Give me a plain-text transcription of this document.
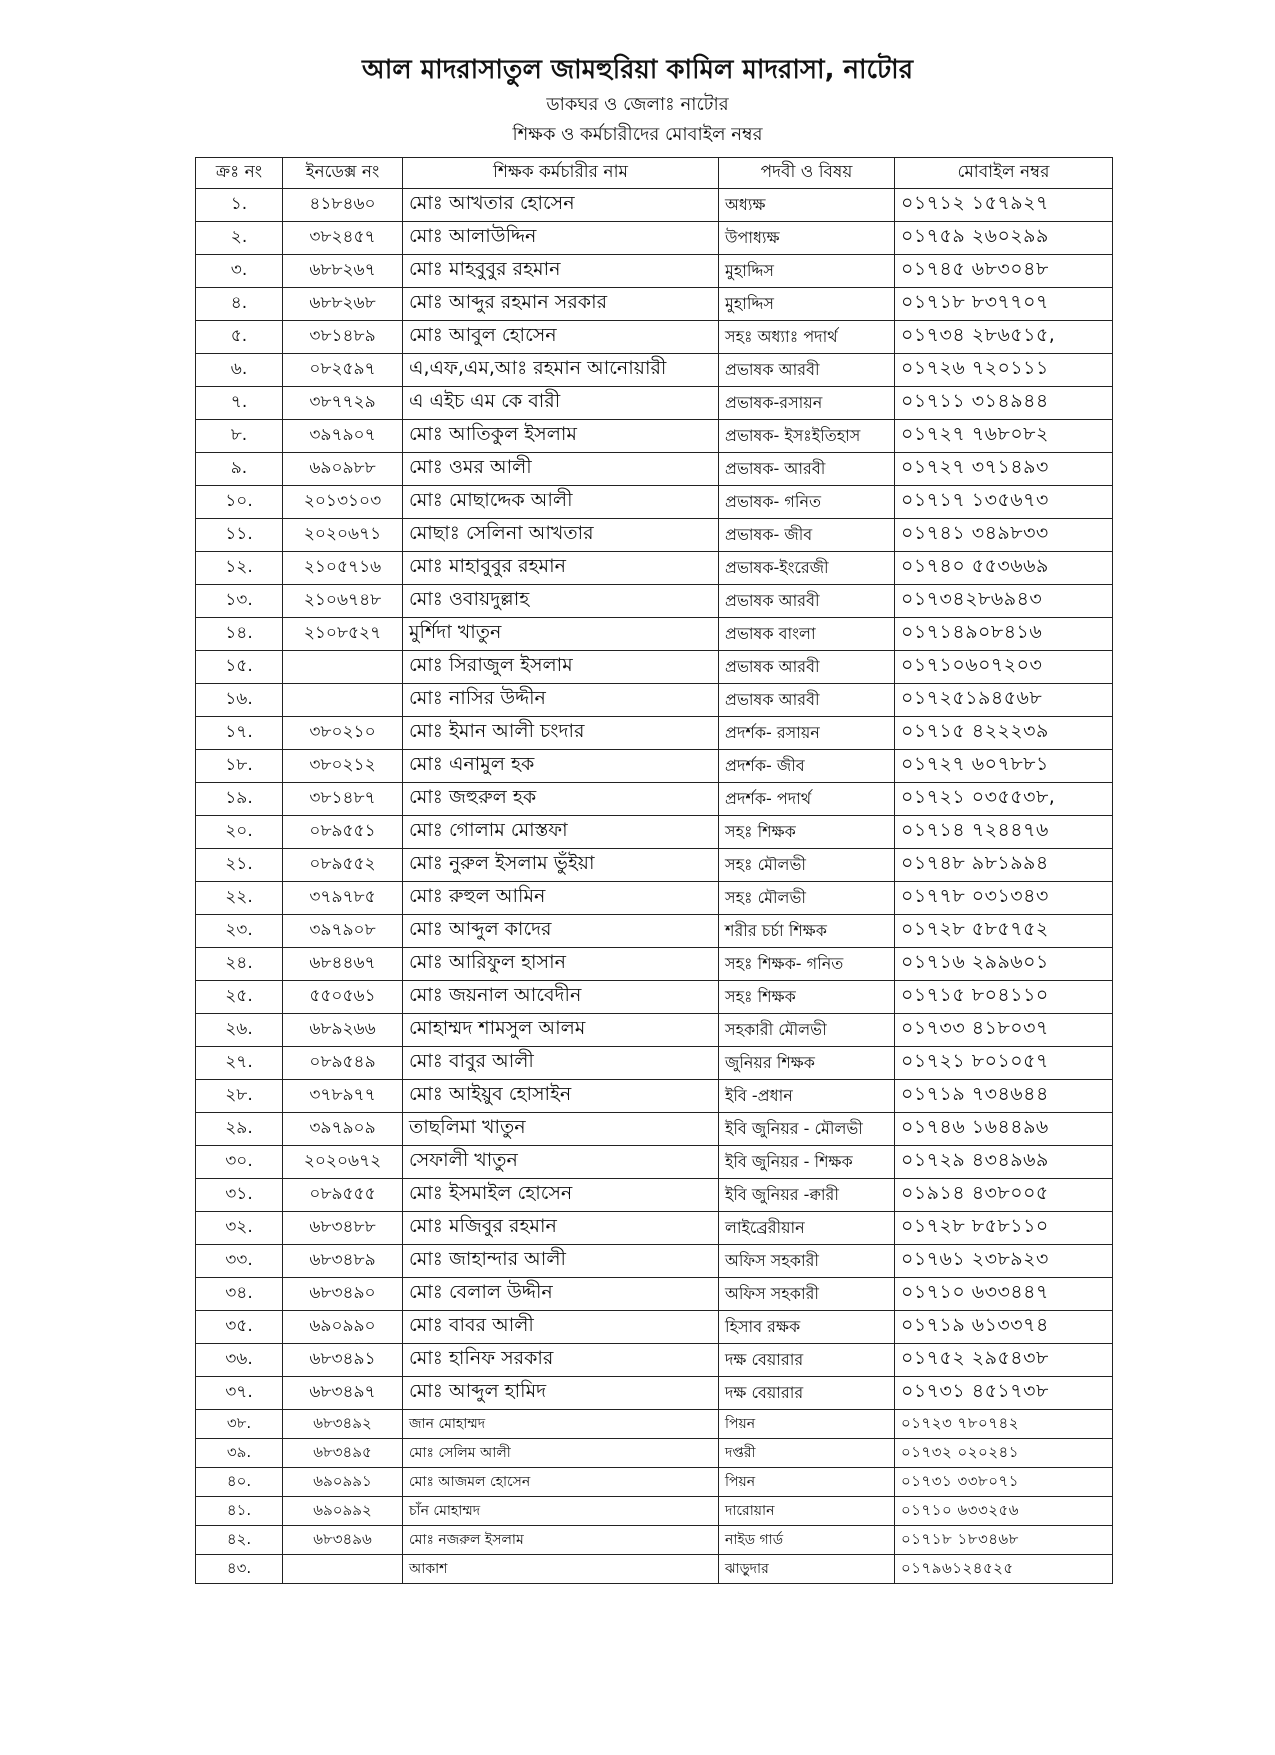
আল মাদরাসাতুল জামহুরিয়া কামিল মাদরাসা, নাটোর
ডাকঘর ও জেলাঃ নাটোর
শিক্ষক ও কর্মচারীদের মোবাইল নম্বর
ক্রঃ নং	ইনডেক্স নং	শিক্ষক কর্মচারীর নাম	পদবী ও বিষয়	মোবাইল নম্বর
১.	৪১৮৪৬০	মোঃ আখতার হোসেন	অধ্যক্ষ	০১৭১২ ১৫৭৯২৭
২.	৩৮২৪৫৭	মোঃ আলাউদ্দিন	উপাধ্যক্ষ	০১৭৫৯ ২৬০২৯৯
৩.	৬৮৮২৬৭	মোঃ মাহবুবুর রহমান	মুহাদ্দিস	০১৭৪৫ ৬৮৩০৪৮
৪.	৬৮৮২৬৮	মোঃ আব্দুর রহমান সরকার	মুহাদ্দিস	০১৭১৮ ৮৩৭৭০৭
৫.	৩৮১৪৮৯	মোঃ আবুল হোসেন	সহঃ অধ্যাঃ পদার্থ	০১৭৩৪ ২৮৬৫১৫,
৬.	০৮২৫৯৭	এ,এফ,এম,আঃ রহমান আনোয়ারী	প্রভাষক আরবী	০১৭২৬ ৭২০১১১
৭.	৩৮৭৭২৯	এ এইচ এম কে বারী	প্রভাষক-রসায়ন	০১৭১১ ৩১৪৯৪৪
৮.	৩৯৭৯০৭	মোঃ আতিকুল ইসলাম	প্রভাষক- ইসঃইতিহাস	০১৭২৭ ৭৬৮০৮২
৯.	৬৯০৯৮৮	মোঃ ওমর আলী	প্রভাষক- আরবী	০১৭২৭ ৩৭১৪৯৩
১০.	২০১৩১০৩	মোঃ মোছাদ্দেক আলী	প্রভাষক- গনিত	০১৭১৭ ১৩৫৬৭৩
১১.	২০২০৬৭১	মোছাঃ সেলিনা আখতার	প্রভাষক- জীব	০১৭৪১ ৩৪৯৮৩৩
১২.	২১০৫৭১৬	মোঃ মাহাবুবুর রহমান	প্রভাষক-ইংরেজী	০১৭৪০ ৫৫৩৬৬৯
১৩.	২১০৬৭৪৮	মোঃ ওবায়দুল্লাহ	প্রভাষক আরবী	০১৭৩৪২৮৬৯৪৩
১৪.	২১০৮৫২৭	মুর্শিদা খাতুন	প্রভাষক বাংলা	০১৭১৪৯০৮৪১৬
১৫.		মোঃ সিরাজুল ইসলাম	প্রভাষক আরবী	০১৭১০৬০৭২০৩
১৬.		মোঃ নাসির উদ্দীন	প্রভাষক আরবী	০১৭২৫১৯৪৫৬৮
১৭.	৩৮০২১০	মোঃ ইমান আলী চংদার	প্রদর্শক- রসায়ন	০১৭১৫ ৪২২২৩৯
১৮.	৩৮০২১২	মোঃ এনামুল হক	প্রদর্শক- জীব	০১৭২৭ ৬০৭৮৮১
১৯.	৩৮১৪৮৭	মোঃ জহুরুল হক	প্রদর্শক- পদার্থ	০১৭২১ ০৩৫৫৩৮,
২০.	০৮৯৫৫১	মোঃ গোলাম মোস্তফা	সহঃ শিক্ষক	০১৭১৪ ৭২৪৪৭৬
২১.	০৮৯৫৫২	মোঃ নুরুল ইসলাম ভুঁইয়া	সহঃ মৌলভী	০১৭৪৮ ৯৮১৯৯৪
২২.	৩৭৯৭৮৫	মোঃ রুহুল আমিন	সহঃ মৌলভী	০১৭৭৮ ০৩১৩৪৩
২৩.	৩৯৭৯০৮	মোঃ আব্দুল কাদের	শরীর চর্চা শিক্ষক	০১৭২৮ ৫৮৫৭৫২
২৪.	৬৮৪৪৬৭	মোঃ আরিফুল হাসান	সহঃ শিক্ষক- গনিত	০১৭১৬ ২৯৯৬০১
২৫.	৫৫০৫৬১	মোঃ জয়নাল আবেদীন	সহঃ শিক্ষক	০১৭১৫ ৮০৪১১০
২৬.	৬৮৯২৬৬	মোহাম্মদ শামসুল আলম	সহকারী মৌলভী	০১৭৩৩ ৪১৮০৩৭
২৭.	০৮৯৫৪৯	মোঃ বাবুর আলী	জুনিয়র শিক্ষক	০১৭২১ ৮০১০৫৭
২৮.	৩৭৮৯৭৭	মোঃ আইয়ুব হোসাইন	ইবি -প্রধান	০১৭১৯ ৭৩৪৬৪৪
২৯.	৩৯৭৯০৯	তাছলিমা খাতুন	ইবি জুনিয়র - মৌলভী	০১৭৪৬ ১৬৪৪৯৬
৩০.	২০২০৬৭২	সেফালী খাতুন	ইবি জুনিয়র - শিক্ষক	০১৭২৯ ৪৩৪৯৬৯
৩১.	০৮৯৫৫৫	মোঃ ইসমাইল হোসেন	ইবি জুনিয়র -ক্বারী	০১৯১৪ ৪৩৮০০৫
৩২.	৬৮৩৪৮৮	মোঃ মজিবুর রহমান	লাইব্রেরীয়ান	০১৭২৮ ৮৫৮১১০
৩৩.	৬৮৩৪৮৯	মোঃ জাহান্দার আলী	অফিস সহকারী	০১৭৬১ ২৩৮৯২৩
৩৪.	৬৮৩৪৯০	মোঃ বেলাল উদ্দীন	অফিস সহকারী	০১৭১০ ৬৩৩৪৪৭
৩৫.	৬৯০৯৯০	মোঃ বাবর আলী	হিসাব রক্ষক	০১৭১৯ ৬১৩৩৭৪
৩৬.	৬৮৩৪৯১	মোঃ হানিফ সরকার	দক্ষ বেয়ারার	০১৭৫২ ২৯৫৪৩৮
৩৭.	৬৮৩৪৯৭	মোঃ আব্দুল হামিদ	দক্ষ বেয়ারার	০১৭৩১ ৪৫১৭৩৮
৩৮.	৬৮৩৪৯২	জান মোহাম্মদ	পিয়ন	০১৭২৩ ৭৮০৭৪২
৩৯.	৬৮৩৪৯৫	মোঃ সেলিম আলী	দপ্তরী	০১৭৩২ ০২০২৪১
৪০.	৬৯০৯৯১	মোঃ আজমল হোসেন	পিয়ন	০১৭৩১ ৩৩৮০৭১
৪১.	৬৯০৯৯২	চাঁন মোহাম্মদ	দারোয়ান	০১৭১০ ৬৩৩২৫৬
৪২.	৬৮৩৪৯৬	মোঃ নজরুল ইসলাম	নাইড গার্ড	০১৭১৮ ১৮৩৪৬৮
৪৩.		আকাশ	ঝাড়ুদার	০১৭৯৬১২৪৫২৫
